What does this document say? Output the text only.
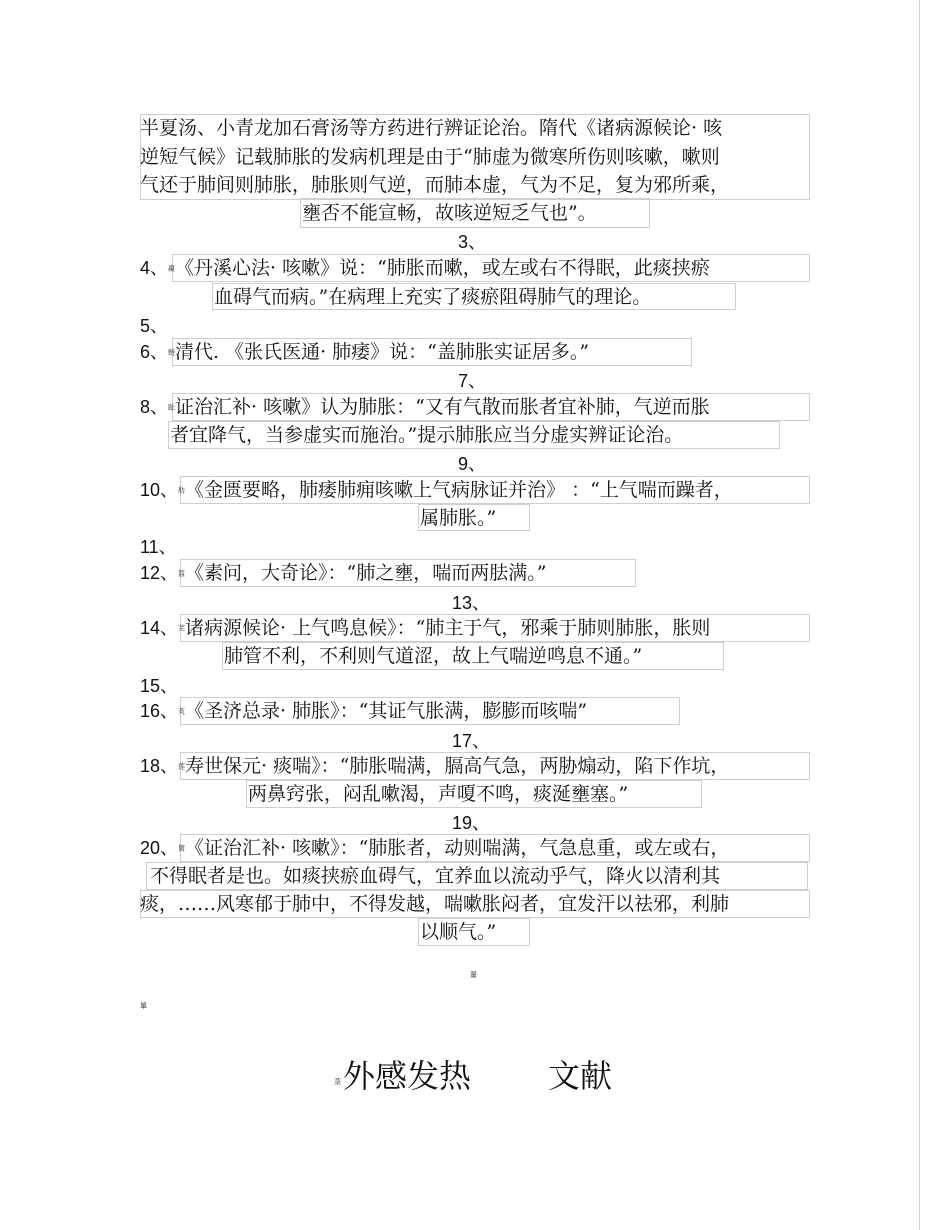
半夏汤、小青龙加石膏汤等方药进行辨证论治。隋代《诸病源候论· 咳
逆短气候》记载肺胀的发病机理是由于“肺虚为微寒所伤则咳嗽，嗽则
气还于肺间则肺胀，肺胀则气逆，而肺本虚，气为不足，复为邪所乘，
壅否不能宣畅，故咳逆短乏气也”。
3、
4、羸《丹溪心法· 咳嗽》说：“肺胀而嗽，或左或右不得眠，此痰挟瘀
血碍气而病。”在病理上充实了痰瘀阻碍肺气的理论。
5、
6、鲢清代. 《张氏医通· 肺痿》说：“盖肺胀实证居多。”
7、
8、趾证治汇补· 咳嗽》认为肺胀：“又有气散而胀者宜补肺，气逆而胀
者宜降气，当参虚实而施治。”提示肺胀应当分虚实辨证论治。
9、
10、舫《金匮要略，肺痿肺痈咳嗽上气病脉证并治》 ：“上气喘而躁者，
属肺胀。”
11、
12、篮《素问，大奇论》：“肺之壅，喘而两胠满。”
13、
14、芜诸病源候论· 上气鸣息候》：“肺主于气，邪乘于肺则肺胀，胀则
肺管不利，不利则气道涩，故上气喘逆鸣息不通。”
15、
16、芄《圣济总录· 肺胀》：“其证气胀满，膨膨而咳喘”
17、
18、莲寿世保元· 痰喘》：“肺胀喘满，膈高气急，两胁煽动，陷下作坑，
两鼻窍张，闷乱嗽渴，声嗄不鸣，痰涎壅塞。”
19、
20、箇《证治汇补· 咳嗽》：“肺胀者，动则喘满，气急息重，或左或右，
不得眠者是也。如痰挟瘀血碍气，宜养血以流动乎气，降火以清利其
痰，……风寒郁于肺中，不得发越，喘嗽胀闷者，宜发汗以祛邪，利肺
以顺气。”
罿
罼
菉 外感发热 文献
